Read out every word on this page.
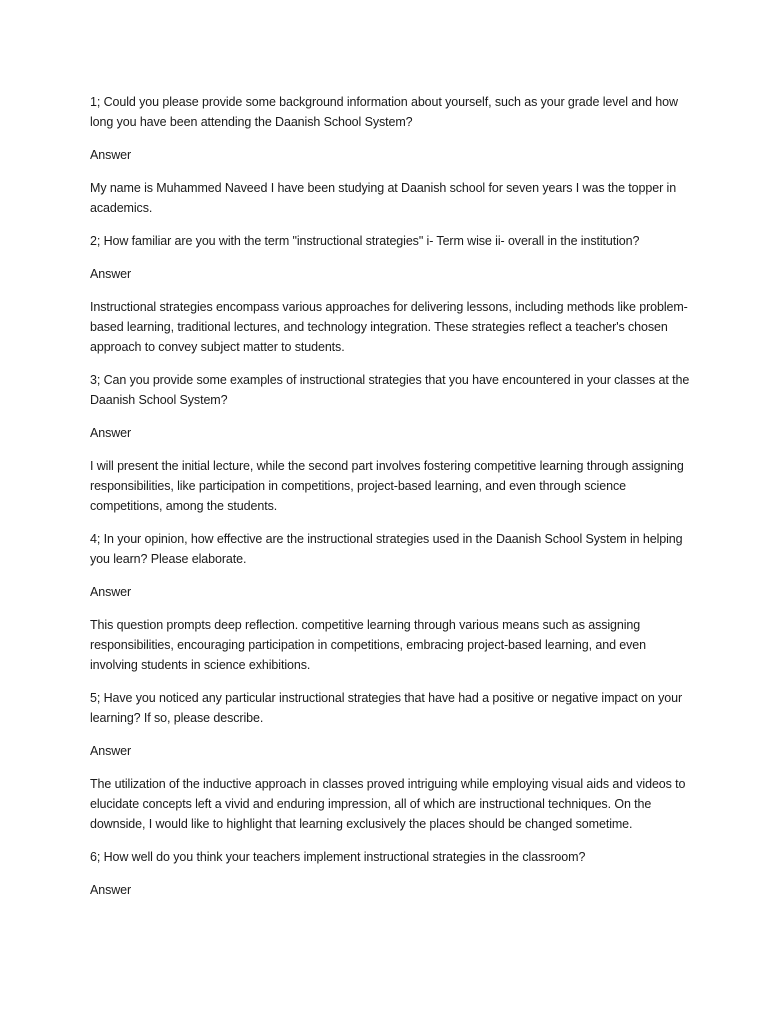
1; Could you please provide some background information about yourself, such as your grade level and how long you have been attending the Daanish School System?

Answer

My name is Muhammed Naveed I have been studying at Daanish school for seven years I was the topper in academics.

2; How familiar are you with the term "instructional strategies" i- Term wise ii- overall in the institution?

Answer

Instructional strategies encompass various approaches for delivering lessons, including methods like problem-based learning, traditional lectures, and technology integration. These strategies reflect a teacher's chosen approach to convey subject matter to students.

3; Can you provide some examples of instructional strategies that you have encountered in your classes at the Daanish School System?

Answer

I will present the initial lecture, while the second part involves fostering competitive learning through assigning responsibilities, like participation in competitions, project-based learning, and even through science competitions, among the students.

4; In your opinion, how effective are the instructional strategies used in the Daanish School System in helping you learn? Please elaborate.

Answer

This question prompts deep reflection. competitive learning through various means such as assigning responsibilities, encouraging participation in competitions, embracing project-based learning, and even involving students in science exhibitions.

5; Have you noticed any particular instructional strategies that have had a positive or negative impact on your learning? If so, please describe.

Answer

The utilization of the inductive approach in classes proved intriguing while employing visual aids and videos to elucidate concepts left a vivid and enduring impression, all of which are instructional techniques. On the downside, I would like to highlight that learning exclusively the places should be changed sometime.

6; How well do you think your teachers implement instructional strategies in the classroom?

Answer
